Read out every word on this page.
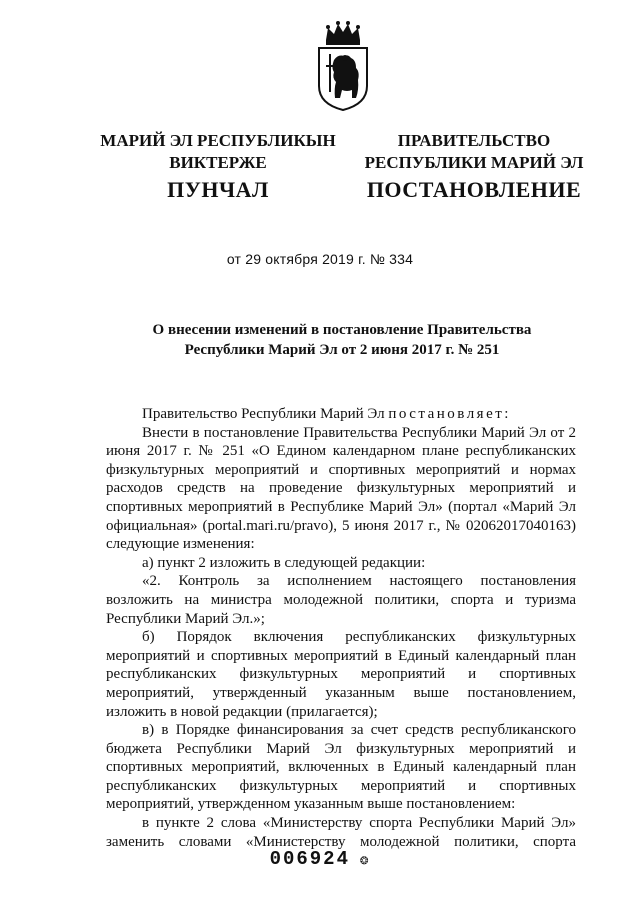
МАРИЙ ЭЛ РЕСПУБЛИКЫН
ВИКТЕРЖЕ
ПРАВИТЕЛЬСТВО
РЕСПУБЛИКИ МАРИЙ ЭЛ
ПУНЧАЛ	ПОСТАНОВЛЕНИЕ
от 29 октября 2019 г. № 334
О внесении изменений в постановление Правительства
Республики Марий Эл от 2 июня 2017 г. № 251

Правительство Республики Марий Эл постановляет:

Внести в постановление Правительства Республики Марий Эл от 2 июня 2017 г. № 251 «О Едином календарном плане республиканских физкультурных мероприятий и спортивных мероприятий и нормах расходов средств на проведение физкультурных мероприятий и спортивных мероприятий в Республике Марий Эл» (портал «Марий Эл официальная» (portal.mari.ru/pravo), 5 июня 2017 г., № 02062017040163) следующие изменения:

а) пункт 2 изложить в следующей редакции:

«2. Контроль за исполнением настоящего постановления возложить на министра молодежной политики, спорта и туризма Республики Марий Эл.»;

б) Порядок включения республиканских физкультурных мероприятий и спортивных мероприятий в Единый календарный план республиканских физкультурных мероприятий и спортивных мероприятий, утвержденный указанным выше постановлением, изложить в новой редакции (прилагается);

в) в Порядке финансирования за счет средств республиканского бюджета Республики Марий Эл физкультурных мероприятий и спортивных мероприятий, включенных в Единый календарный план республиканских физкультурных мероприятий и спортивных мероприятий, утвержденном указанным выше постановлением:

в пункте 2 слова «Министерству спорта Республики Марий Эл» заменить словами «Министерству молодежной политики, спорта

006924 ❂
